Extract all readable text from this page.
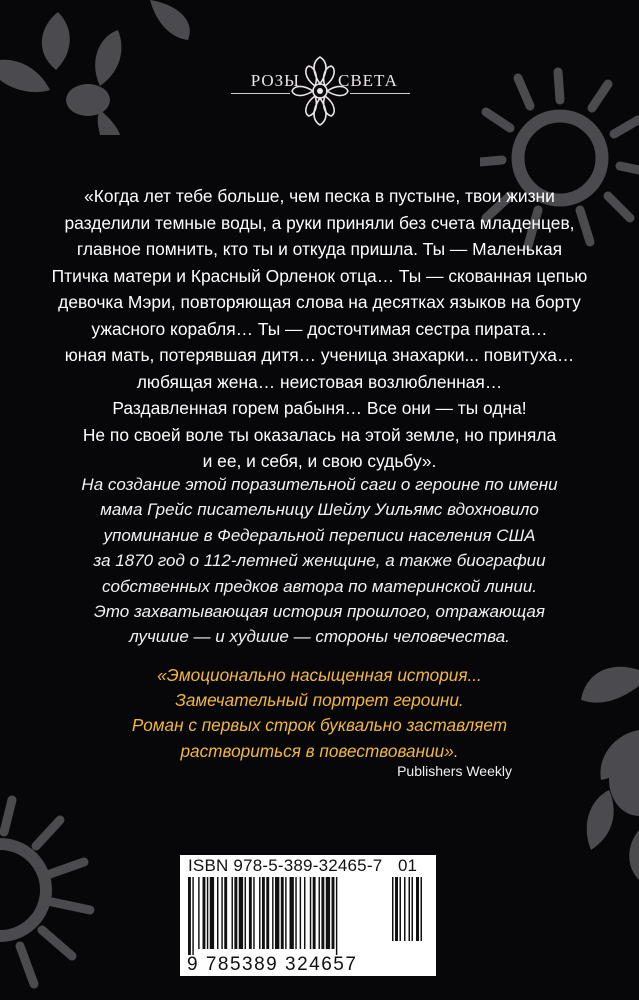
РОЗЫ СВЕТА

«Когда лет тебе больше, чем песка в пустыне, твои жизни
разделили темные воды, а руки приняли без счета младенцев,
главное помнить, кто ты и откуда пришла. Ты — Маленькая
Птичка матери и Красный Орленок отца… Ты — скованная цепью
девочка Мэри, повторяющая слова на десятках языков на борту
ужасного корабля… Ты — досточтимая сестра пирата…
юная мать, потерявшая дитя… ученица знахарки... повитуха…
любящая жена… неистовая возлюбленная…
Раздавленная горем рабыня… Все они — ты одна!
Не по своей воле ты оказалась на этой земле, но приняла
и ее, и себя, и свою судьбу».

На создание этой поразительной саги о героине по имени
мама Грейс писательницу Шейлу Уильямс вдохновило
упоминание в Федеральной переписи населения США
за 1870 год о 112-летней женщине, а также биографии
собственных предков автора по материнской линии.
Это захватывающая история прошлого, отражающая
лучшие — и худшие — стороны человечества.

«Эмоционально насыщенная история...
Замечательный портрет героини.
Роман с первых строк буквально заставляет
раствориться в повествовании».

Publishers Weekly
ISBN 978-5-389-32465-7 01
9 785389 324657
